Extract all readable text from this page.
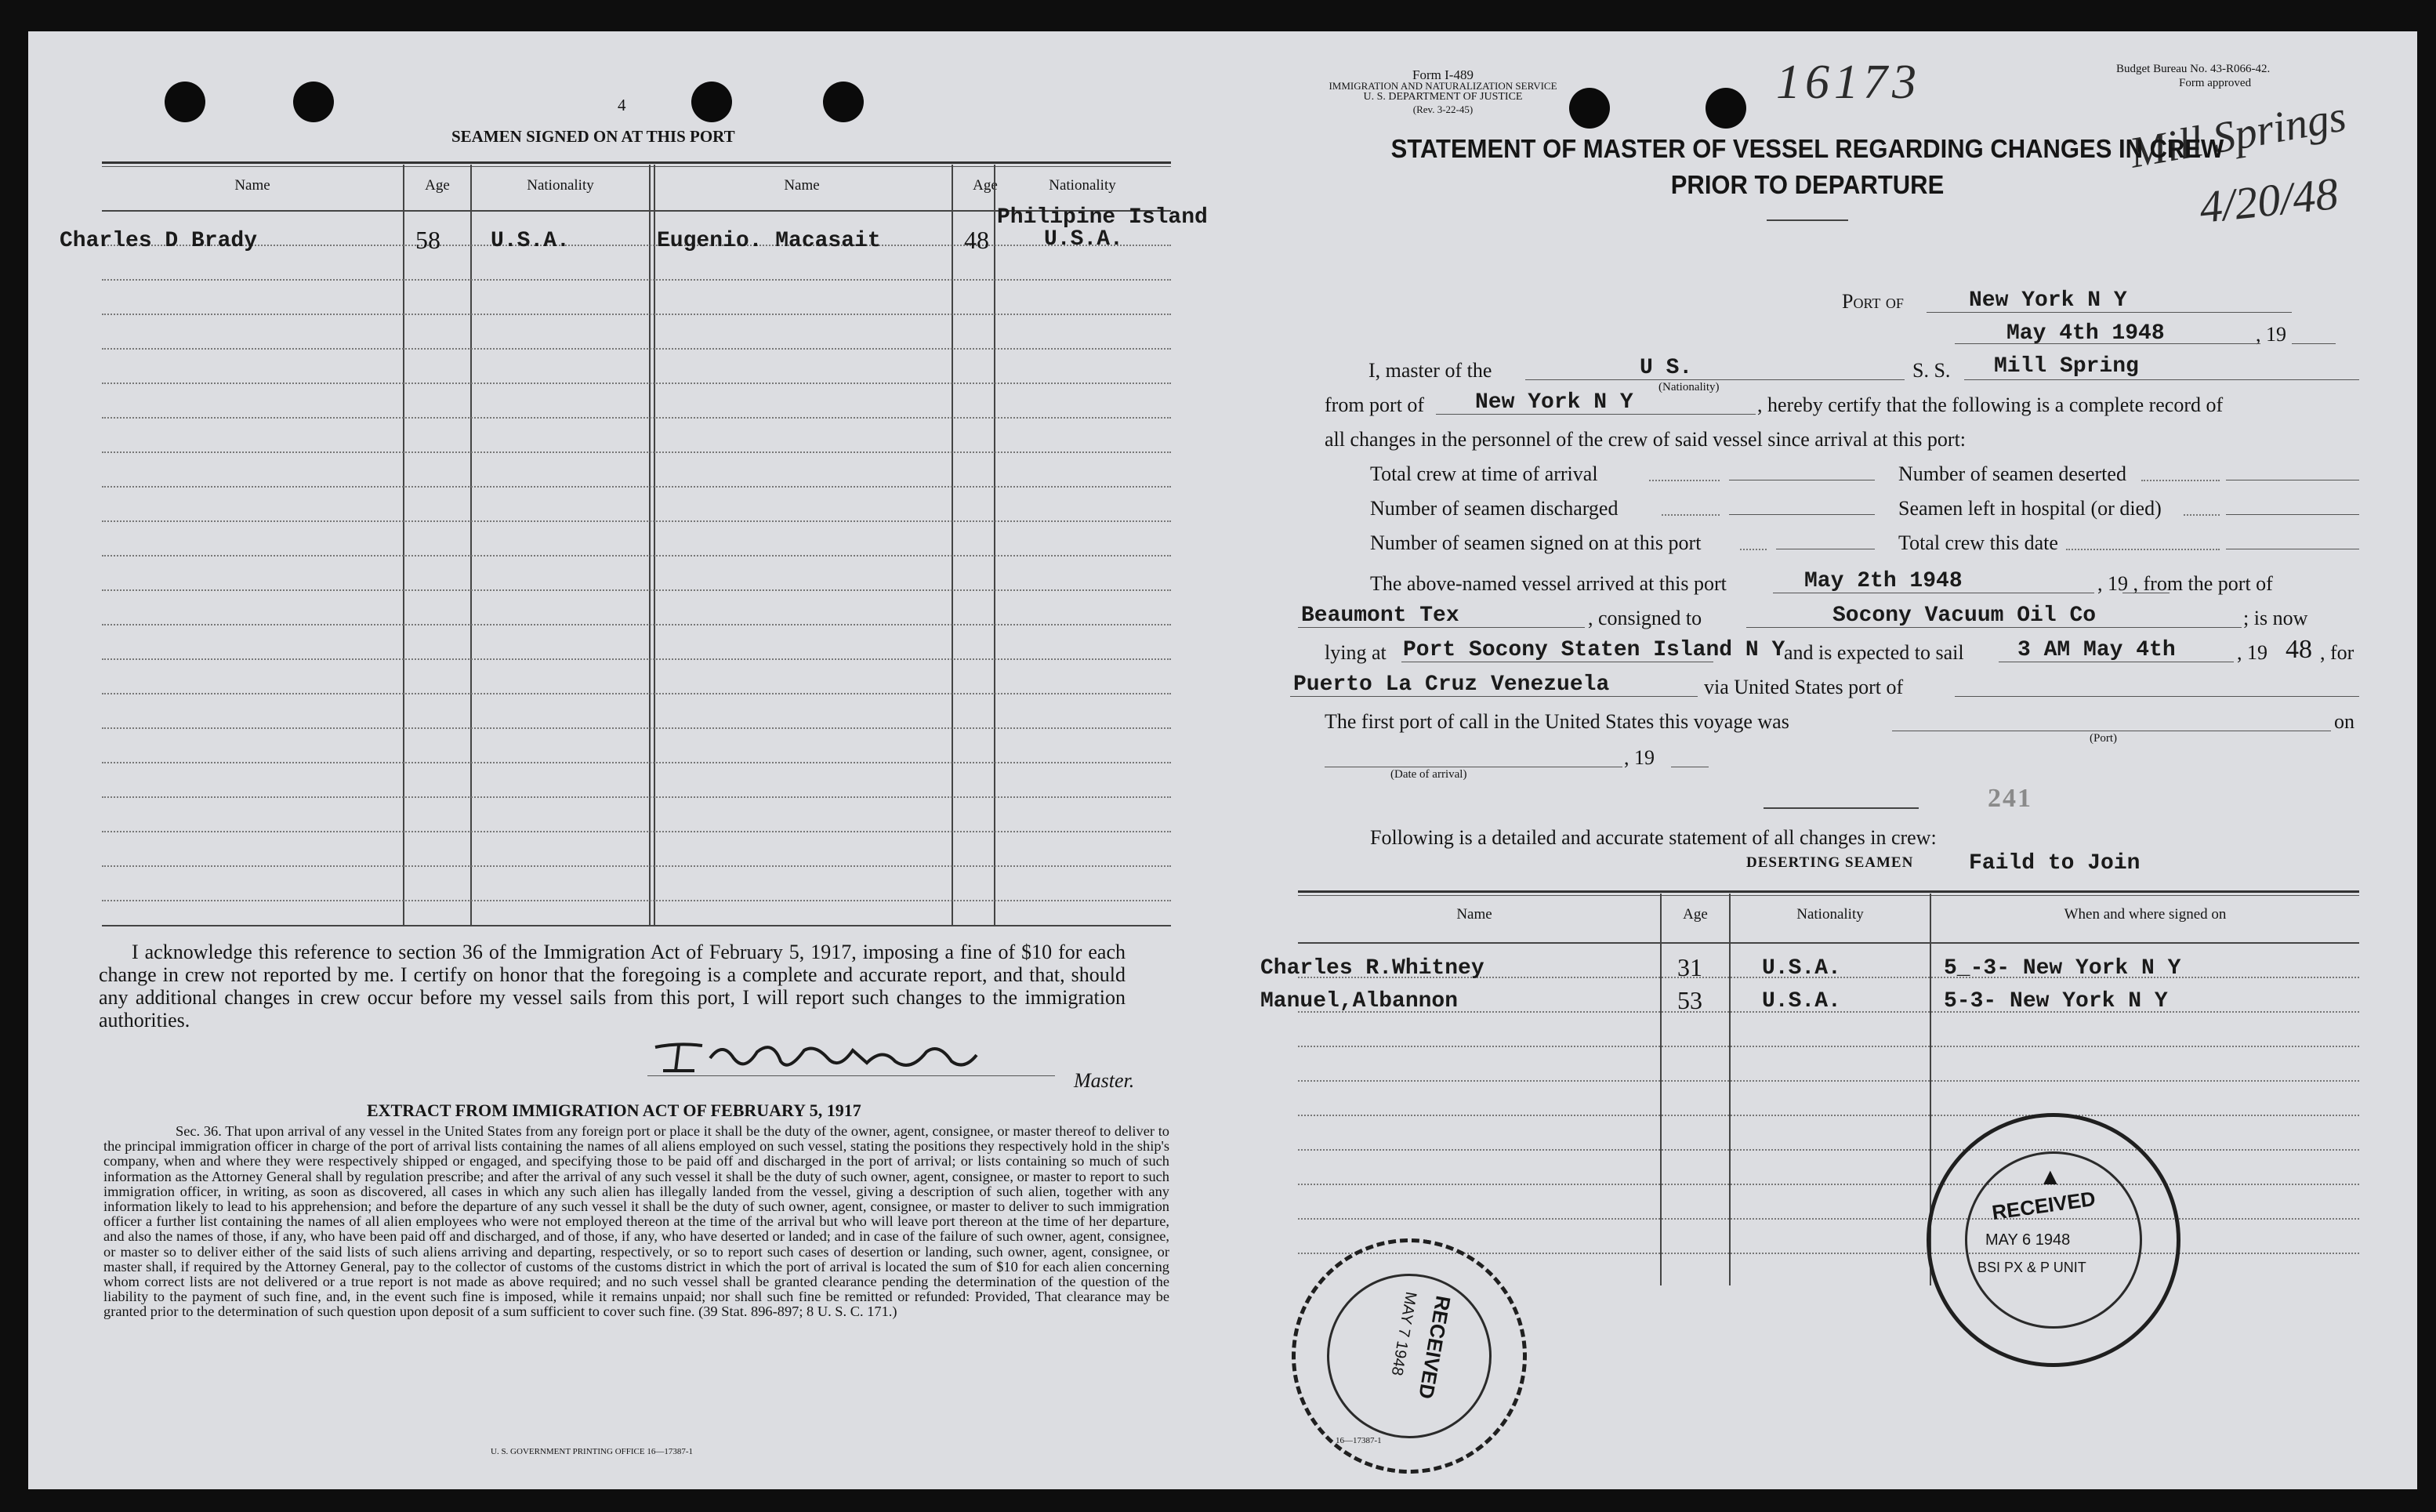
4
SEAMEN SIGNED ON AT THIS PORT
Name	Age	Nationality	Name	Age	Nationality
Charles D Brady	58 U.S.A.	Eugenio. Macasait	48
Philipine Island
U.S.A.
I acknowledge this reference to section 36 of the Immigration Act of February 5, 1917, imposing a fine of $10 for each change in crew not reported by me. I certify on honor that the foregoing is a complete and accurate report, and that, should any additional changes in crew occur before my vessel sails from this port, I will report such changes to the immigration authorities.
Master.
EXTRACT FROM IMMIGRATION ACT OF FEBRUARY 5, 1917
Sec. 36. That upon arrival of any vessel in the United States from any foreign port or place it shall be the duty of the owner, agent, consignee, or master thereof to deliver to the principal immigration officer in charge of the port of arrival lists containing the names of all aliens employed on such vessel, stating the positions they respectively hold in the ship's company, when and where they were respectively shipped or engaged, and specifying those to be paid off and discharged in the port of arrival; or lists containing so much of such information as the Attorney General shall by regulation prescribe; and after the arrival of any such vessel it shall be the duty of such owner, agent, consignee, or master to report to such immigration officer, in writing, as soon as discovered, all cases in which any such alien has illegally landed from the vessel, giving a description of such alien, together with any information likely to lead to his apprehension; and before the departure of any such vessel it shall be the duty of such owner, agent, consignee, or master to deliver to such immigration officer a further list containing the names of all alien employees who were not employed thereon at the time of the arrival but who will leave port thereon at the time of her departure, and also the names of those, if any, who have been paid off and discharged, and of those, if any, who have deserted or landed; and in case of the failure of such owner, agent, consignee, or master so to deliver either of the said lists of such aliens arriving and departing, respectively, or so to report such cases of desertion or landing, such owner, agent, consignee, or master shall, if required by the Attorney General, pay to the collector of customs of the customs district in which the port of arrival is located the sum of $10 for each alien concerning whom correct lists are not delivered or a true report is not made as above required; and no such vessel shall be granted clearance pending the determination of the question of the liability to the payment of such fine, and, in the event such fine is imposed, while it remains unpaid; nor shall such fine be remitted or refunded: Provided, That clearance may be granted prior to the determination of such question upon deposit of a sum sufficient to cover such fine. (39 Stat. 896-897; 8 U. S. C. 171.)
U. S. GOVERNMENT PRINTING OFFICE 16—17387-1
Form I-489
IMMIGRATION AND NATURALIZATION SERVICE
U. S. DEPARTMENT OF JUSTICE
(Rev. 3-22-45)
16173	Budget Bureau No. 43-R066-42.
Form approved
Mill Springs
4/20/48
STATEMENT OF MASTER OF VESSEL REGARDING CHANGES IN CREW
PRIOR TO DEPARTURE
Port of	New York N Y
May 4th 1948	, 19
I, master of the	U S.
(Nationality)
S. S. Mill Spring
from port of New York N Y	, hereby certify that the following is a complete record of
all changes in the personnel of the crew of said vessel since arrival at this port:
Total crew at time of arrival	Number of seamen deserted
Number of seamen discharged	Seamen left in hospital (or died)
Number of seamen signed on at this port	Total crew this date
The above-named vessel arrived at this port	May 2th 1948	, 19 , from the port of
Beaumont Tex	, consigned to	Socony Vacuum Oil Co	; is now
lying at Port Socony Staten Island N Y
and is expected to sail 3 AM May 4th	, 19 48 , for
Puerto La Cruz Venezuela	via United States port of
The first port of call in the United States this voyage was	on
(Port)
, 19
(Date of arrival)
241
Following is a detailed and accurate statement of all changes in crew:
DESERTING SEAMEN	Faild to Join
Name	Age	Nationality	When and where signed on
Charles R.Whitney	31	U.S.A.	5_-3- New York N Y
Manuel,Albannon	53	U.S.A.	5-3- New York N Y
▲
RECEIVED
MAY 6 1948
BSI PX & P UNIT
RECEIVED
MAY 7 1948
16—17387-1
